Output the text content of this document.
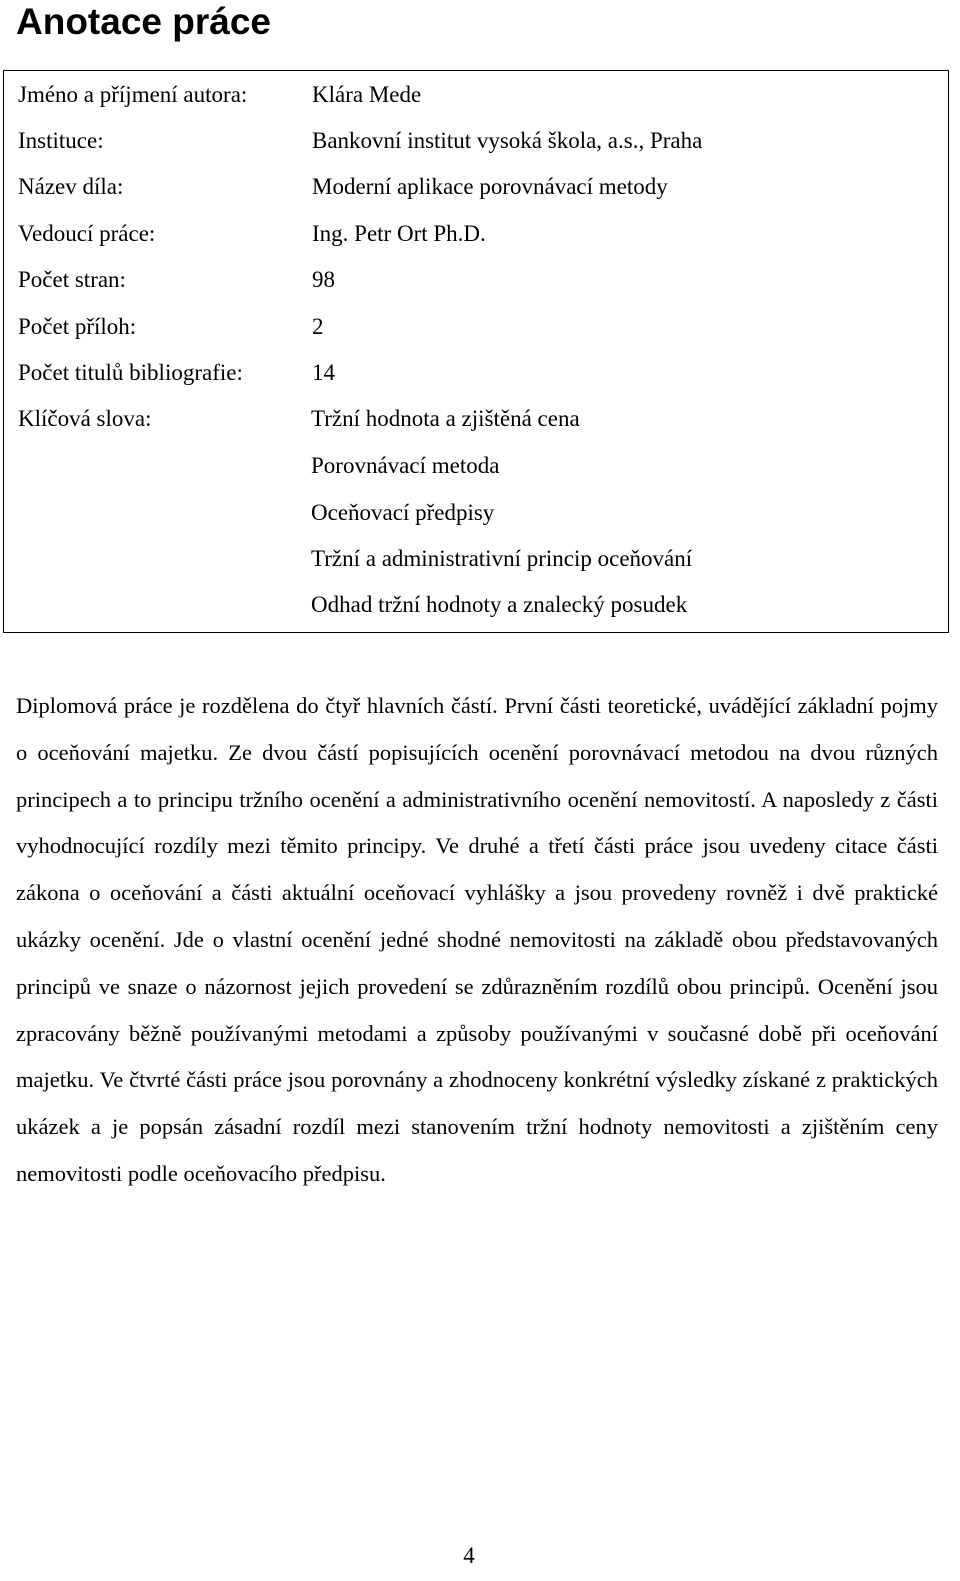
Anotace práce
Jméno a příjmení autora:	Klára Mede
Instituce:	Bankovní institut vysoká škola, a.s., Praha
Název díla:	Moderní aplikace porovnávací metody
Vedoucí práce:	Ing. Petr Ort Ph.D.
Počet stran:	98
Počet příloh:	2
Počet titulů bibliografie:	14
Klíčová slova:	Tržní hodnota a zjištěná cena
Porovnávací metoda
Oceňovací předpisy
Tržní a administrativní princip oceňování
Odhad tržní hodnoty a znalecký posudek

Diplomová práce je rozdělena do čtyř hlavních částí. První části teoretické, uvádějící základní pojmy o oceňování majetku. Ze dvou částí popisujících ocenění porovnávací metodou na dvou různých principech a to principu tržního ocenění a administrativního ocenění nemovitostí. A naposledy z části vyhodnocující rozdíly mezi těmito principy. Ve druhé a třetí části práce jsou uvedeny citace části zákona o oceňování a části aktuální oceňovací vyhlášky a jsou provedeny rovněž i dvě praktické ukázky ocenění. Jde o vlastní ocenění jedné shodné nemovitosti na základě obou představovaných principů ve snaze o názornost jejich provedení se zdůrazněním rozdílů obou principů. Ocenění jsou zpracovány běžně používanými metodami a způsoby používanými v současné době při oceňování majetku. Ve čtvrté části práce jsou porovnány a zhodnoceny konkrétní výsledky získané z praktických ukázek a je popsán zásadní rozdíl mezi stanovením tržní hodnoty nemovitosti a zjištěním ceny nemovitosti podle oceňovacího předpisu.

4
